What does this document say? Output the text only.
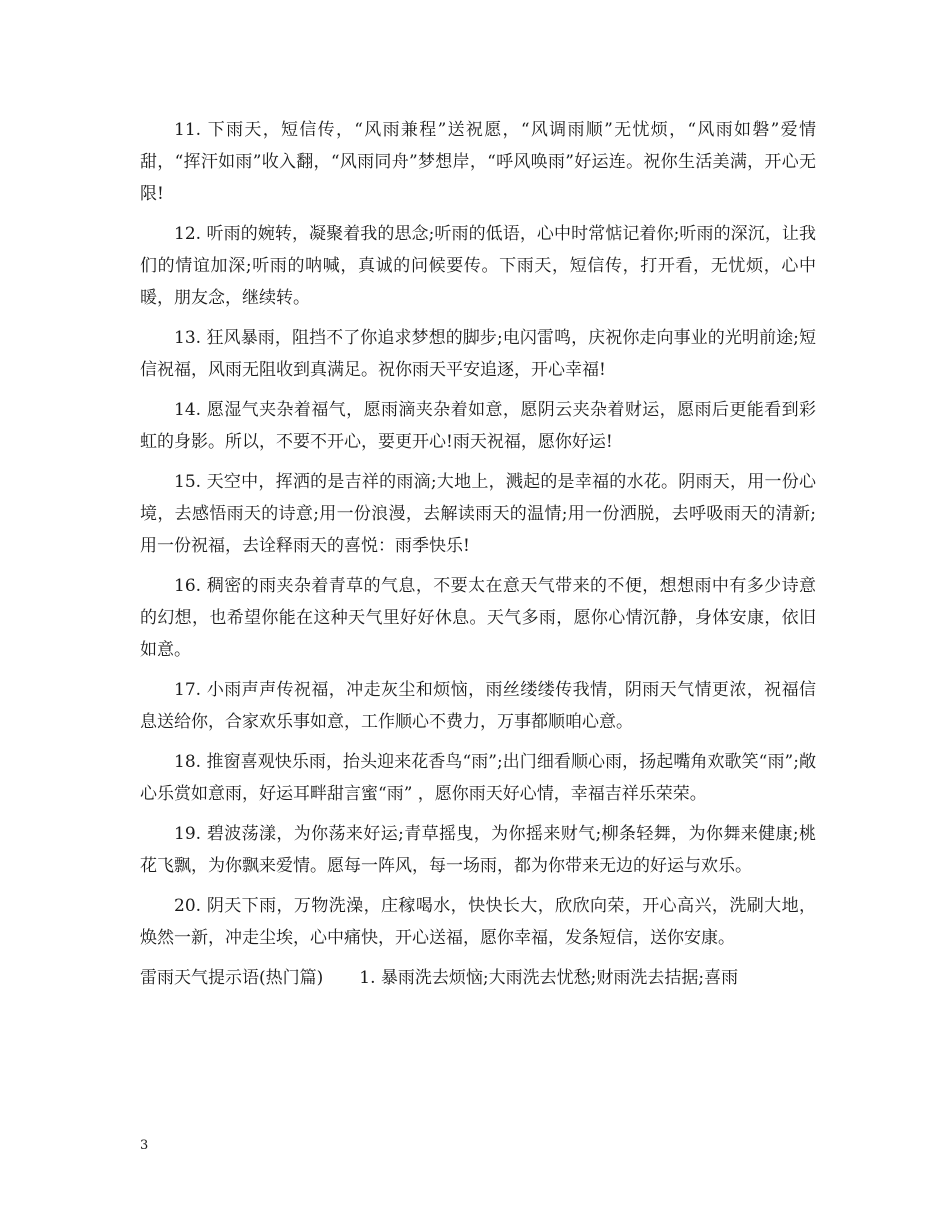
11. 下雨天，短信传，“风雨兼程”送祝愿，“风调雨顺”无忧烦，“风雨如磐”爱情甜，“挥汗如雨”收入翻，“风雨同舟”梦想岸，“呼风唤雨”好运连。祝你生活美满，开心无限!

12. 听雨的婉转，凝聚着我的思念;听雨的低语，心中时常惦记着你;听雨的深沉，让我们的情谊加深;听雨的呐喊，真诚的问候要传。下雨天，短信传，打开看，无忧烦，心中暖，朋友念，继续转。

13. 狂风暴雨，阻挡不了你追求梦想的脚步;电闪雷鸣，庆祝你走向事业的光明前途;短信祝福，风雨无阻收到真满足。祝你雨天平安追逐，开心幸福!

14. 愿湿气夹杂着福气，愿雨滴夹杂着如意，愿阴云夹杂着财运，愿雨后更能看到彩虹的身影。所以，不要不开心，要更开心!雨天祝福，愿你好运!

15. 天空中，挥洒的是吉祥的雨滴;大地上，溅起的是幸福的水花。阴雨天，用一份心境，去感悟雨天的诗意;用一份浪漫，去解读雨天的温情;用一份洒脱，去呼吸雨天的清新;用一份祝福，去诠释雨天的喜悦：雨季快乐!

16. 稠密的雨夹杂着青草的气息，不要太在意天气带来的不便，想想雨中有多少诗意的幻想，也希望你能在这种天气里好好休息。天气多雨，愿你心情沉静，身体安康，依旧如意。

17. 小雨声声传祝福，冲走灰尘和烦恼，雨丝缕缕传我情，阴雨天气情更浓，祝福信息送给你，合家欢乐事如意，工作顺心不费力，万事都顺咱心意。

18. 推窗喜观快乐雨，抬头迎来花香鸟“雨”;出门细看顺心雨，扬起嘴角欢歌笑“雨”;敞心乐赏如意雨，好运耳畔甜言蜜“雨” ，愿你雨天好心情，幸福吉祥乐荣荣。

19. 碧波荡漾，为你荡来好运;青草摇曳，为你摇来财气;柳条轻舞，为你舞来健康;桃花飞飘，为你飘来爱情。愿每一阵风，每一场雨，都为你带来无边的好运与欢乐。

20. 阴天下雨，万物洗澡，庄稼喝水，快快长大，欣欣向荣，开心高兴，洗刷大地，焕然一新，冲走尘埃，心中痛快，开心送福，愿你幸福，发条短信，送你安康。

雷雨天气提示语(热门篇) 1. 暴雨洗去烦恼;大雨洗去忧愁;财雨洗去拮据;喜雨

3
